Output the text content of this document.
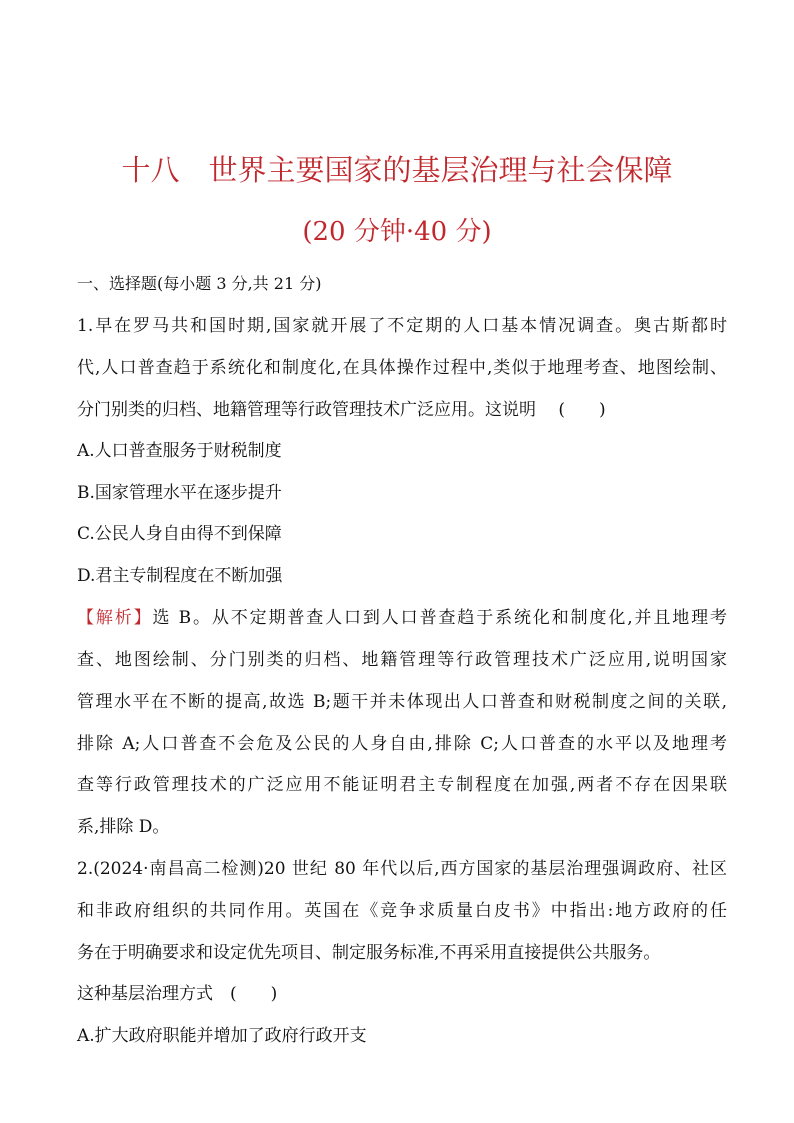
十八　世界主要国家的基层治理与社会保障
(20 分钟·40 分)
一、选择题(每小题 3 分,共 21 分)
1.早在罗马共和国时期,国家就开展了不定期的人口基本情况调查。奥古斯都时
代,人口普查趋于系统化和制度化,在具体操作过程中,类似于地理考查、地图绘制、
分门别类的归档、地籍管理等行政管理技术广泛应用。这说明　 (　　)
A.人口普查服务于财税制度
B.国家管理水平在逐步提升
C.公民人身自由得不到保障
D.君主专制程度在不断加强
【解析】选 B。从不定期普查人口到人口普查趋于系统化和制度化,并且地理考
查、地图绘制、分门别类的归档、地籍管理等行政管理技术广泛应用,说明国家
管理水平在不断的提高,故选 B;题干并未体现出人口普查和财税制度之间的关联,
排除 A;人口普查不会危及公民的人身自由,排除 C;人口普查的水平以及地理考
查等行政管理技术的广泛应用不能证明君主专制程度在加强,两者不存在因果联
系,排除 D。
2.(2024·南昌高二检测)20 世纪 80 年代以后,西方国家的基层治理强调政府、社区
和非政府组织的共同作用。英国在《竞争求质量白皮书》中指出:地方政府的任
务在于明确要求和设定优先项目、制定服务标准,不再采用直接提供公共服务。
这种基层治理方式　(　　)
A.扩大政府职能并增加了政府行政开支
